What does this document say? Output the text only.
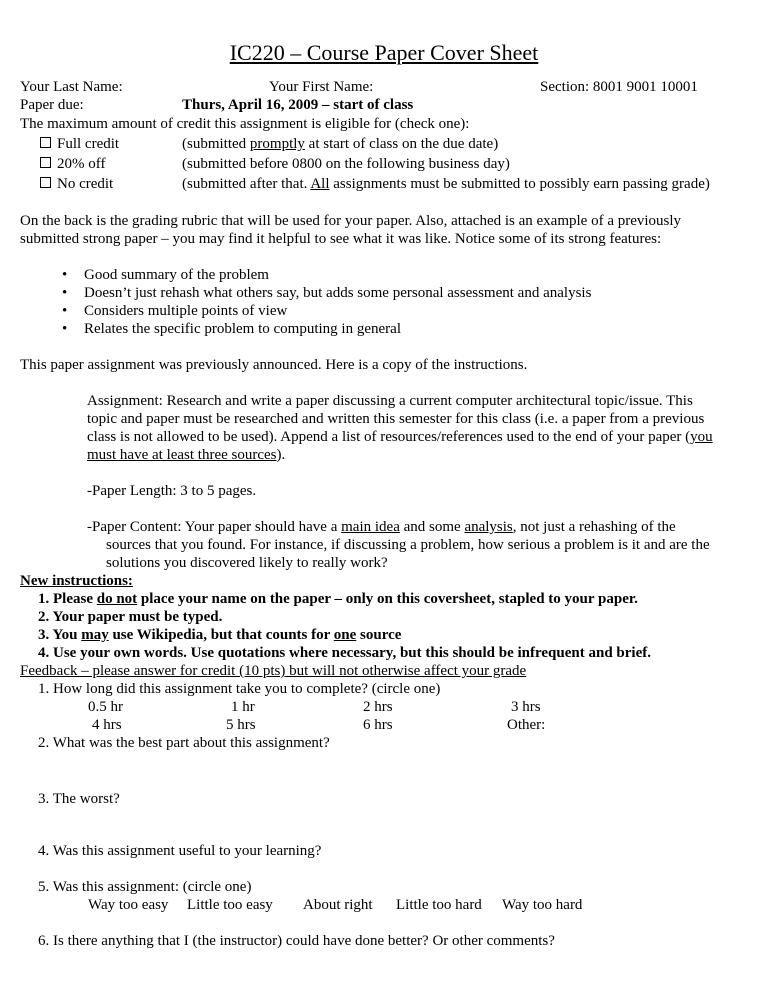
IC220 – Course Paper Cover Sheet
Your Last Name:	Your First Name:	Section: 8001 9001 10001
Paper due:	Thurs, April 16, 2009 – start of class
The maximum amount of credit this assignment is eligible for (check one):
Full credit	(submitted promptly at start of class on the due date)
20% off	(submitted before 0800 on the following business day)
No credit	(submitted after that. All assignments must be submitted to possibly earn passing grade)
On the back is the grading rubric that will be used for your paper. Also, attached is an example of a previously
submitted strong paper – you may find it helpful to see what it was like. Notice some of its strong features:
• Good summary of the problem
• Doesn’t just rehash what others say, but adds some personal assessment and analysis
• Considers multiple points of view
• Relates the specific problem to computing in general
This paper assignment was previously announced. Here is a copy of the instructions.
Assignment: Research and write a paper discussing a current computer architectural topic/issue. This
topic and paper must be researched and written this semester for this class (i.e. a paper from a previous
class is not allowed to be used). Append a list of resources/references used to the end of your paper (you
must have at least three sources).
-Paper Length: 3 to 5 pages.
-Paper Content: Your paper should have a main idea and some analysis, not just a rehashing of the
sources that you found. For instance, if discussing a problem, how serious a problem is it and are the
solutions you discovered likely to really work?
New instructions:
1. Please do not place your name on the paper – only on this coversheet, stapled to your paper.
2. Your paper must be typed.
3. You may use Wikipedia, but that counts for one source
4. Use your own words. Use quotations where necessary, but this should be infrequent and brief.
Feedback – please answer for credit (10 pts) but will not otherwise affect your grade
1. How long did this assignment take you to complete? (circle one)
0.5 hr	1 hr	2 hrs	3 hrs
4 hrs	5 hrs	6 hrs	Other:
2. What was the best part about this assignment?
3. The worst?
4. Was this assignment useful to your learning?
5. Was this assignment: (circle one)
Way too easy Little too easy About right Little too hard Way too hard
6. Is there anything that I (the instructor) could have done better? Or other comments?
